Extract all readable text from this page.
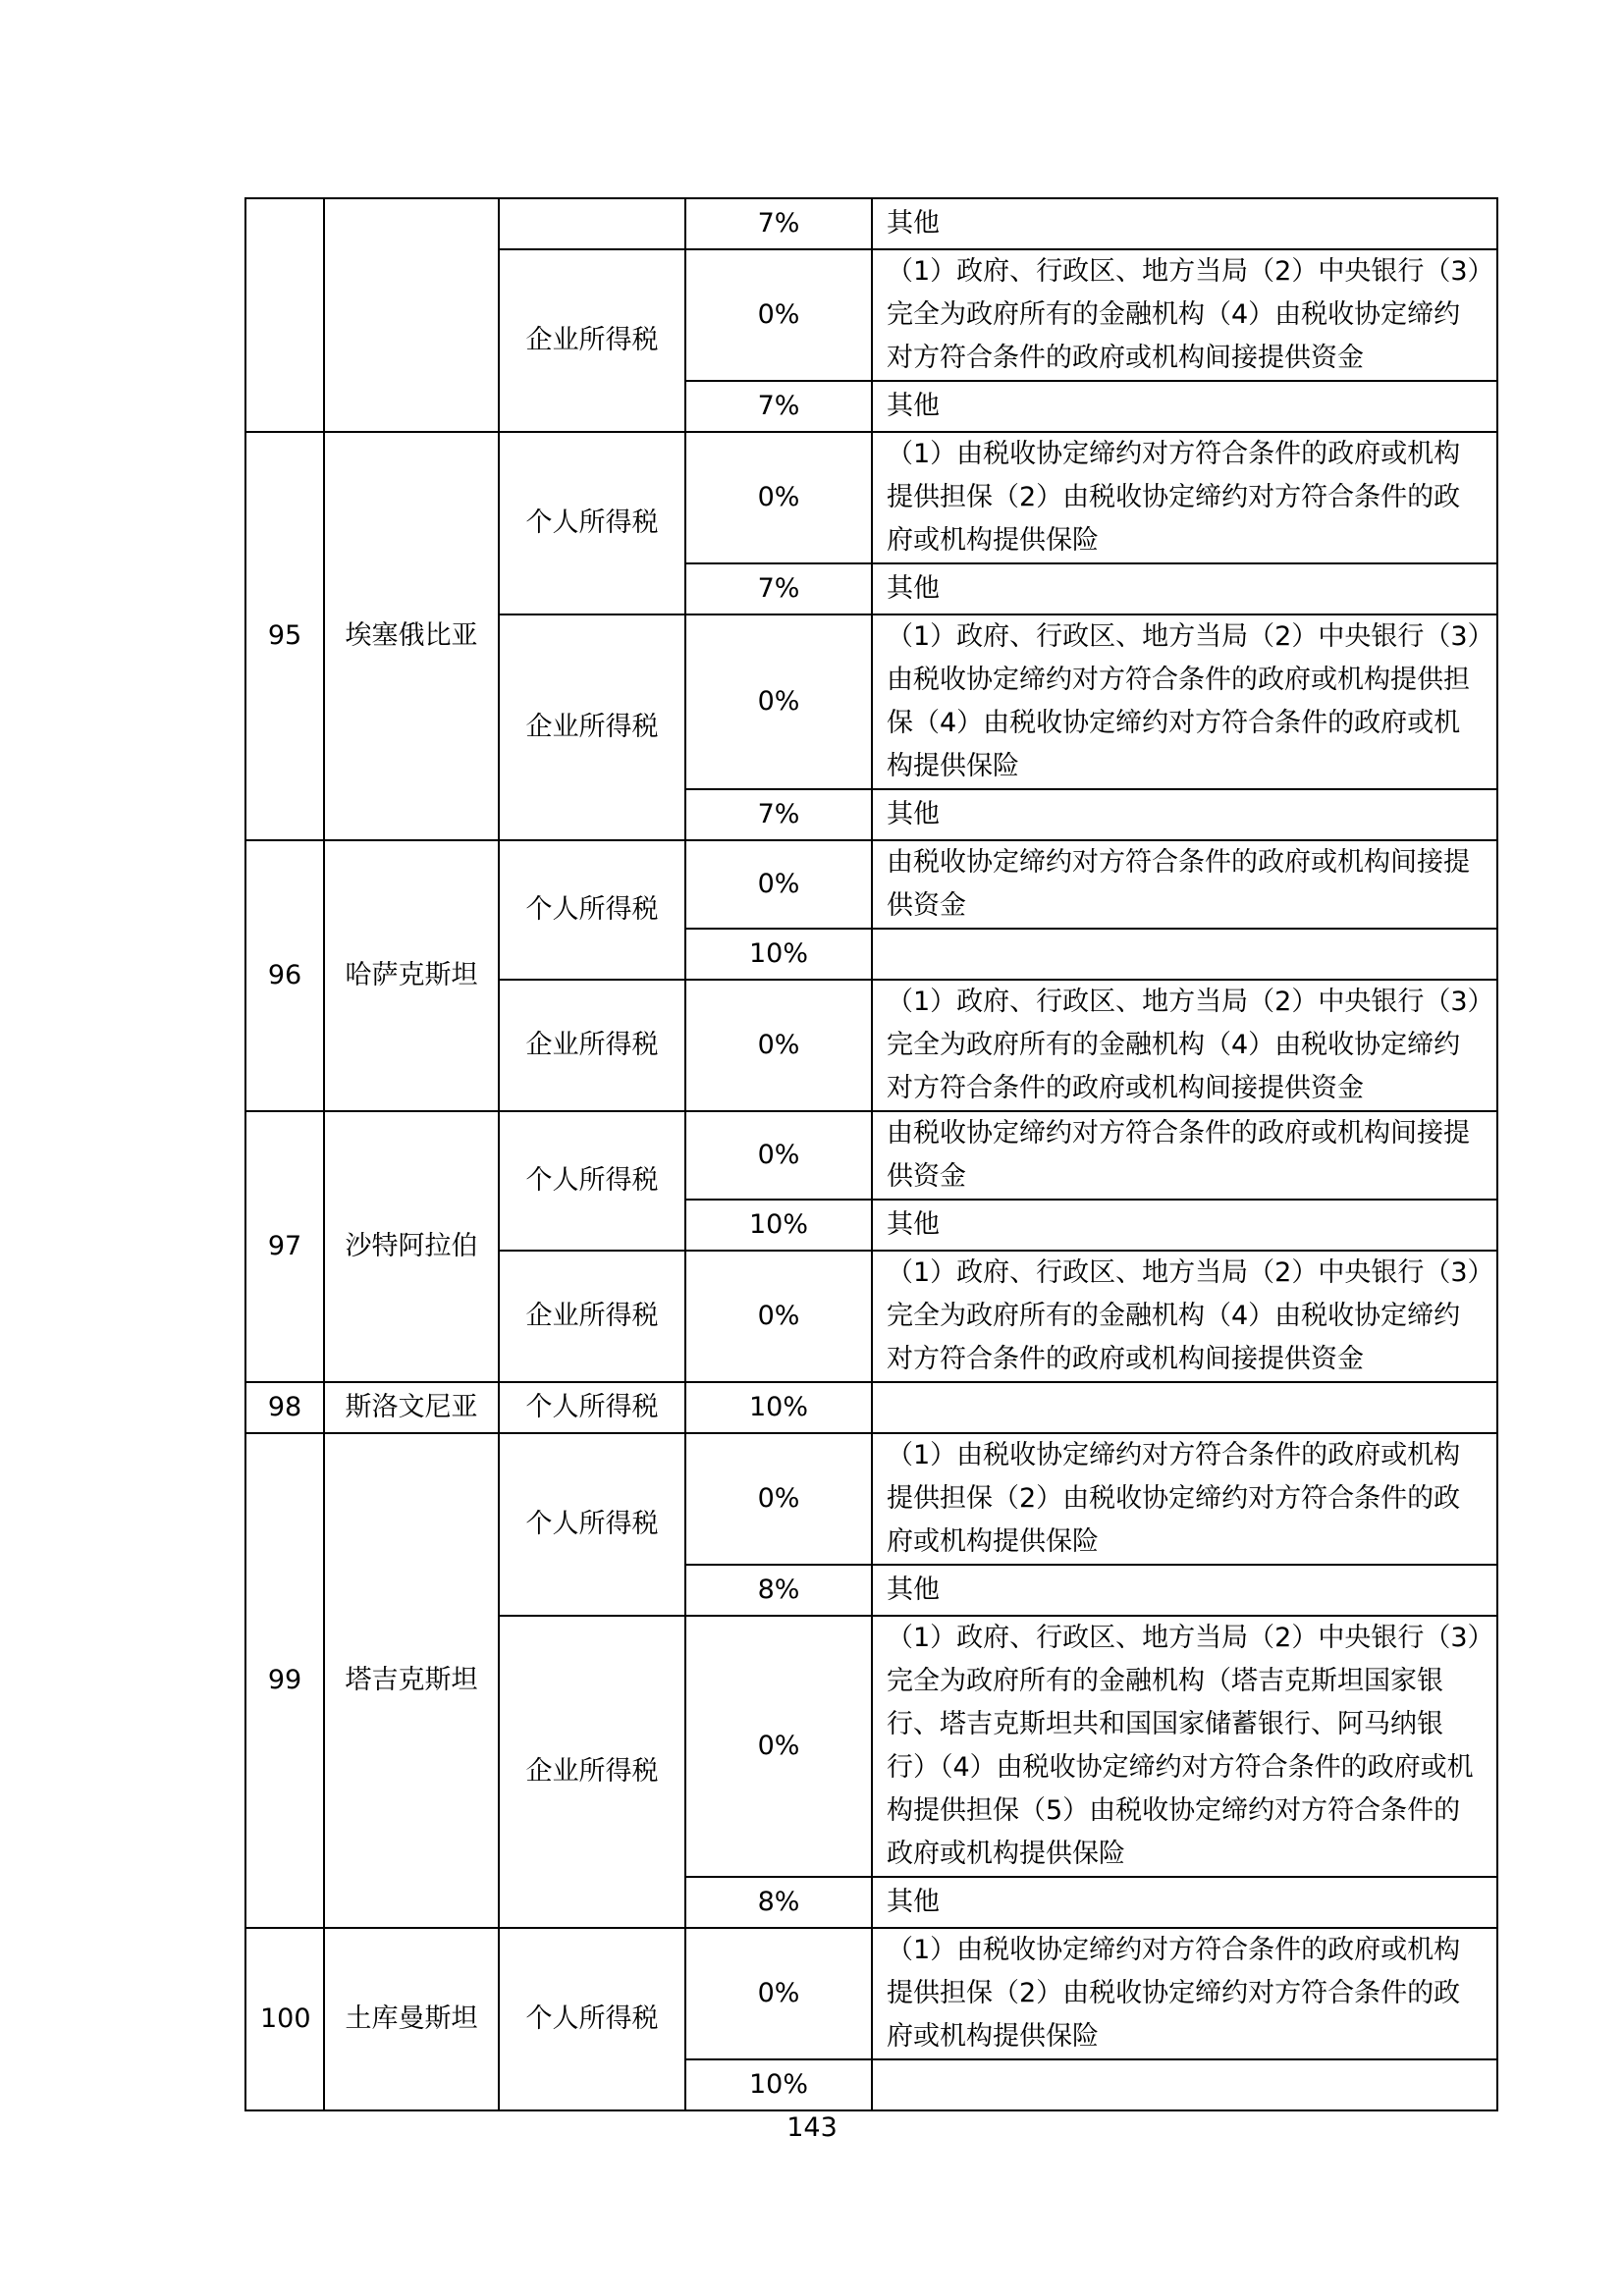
			7%	其他
		企业所得税	0%	（1）政府、行政区、地方当局（2）中央银行（3）完全为政府所有的金融机构（4）由税收协定缔约对方符合条件的政府或机构间接提供资金
			7%	其他
95	埃塞俄比亚	个人所得税	0%	（1）由税收协定缔约对方符合条件的政府或机构提供担保（2）由税收协定缔约对方符合条件的政府或机构提供保险
			7%	其他
		企业所得税	0%	（1）政府、行政区、地方当局（2）中央银行（3）由税收协定缔约对方符合条件的政府或机构提供担保（4）由税收协定缔约对方符合条件的政府或机构提供保险
			7%	其他
96	哈萨克斯坦	个人所得税	0%	由税收协定缔约对方符合条件的政府或机构间接提供资金
			10%	
		企业所得税	0%	（1）政府、行政区、地方当局（2）中央银行（3）完全为政府所有的金融机构（4）由税收协定缔约对方符合条件的政府或机构间接提供资金
97	沙特阿拉伯	个人所得税	0%	由税收协定缔约对方符合条件的政府或机构间接提供资金
			10%	其他
		企业所得税	0%	（1）政府、行政区、地方当局（2）中央银行（3）完全为政府所有的金融机构（4）由税收协定缔约对方符合条件的政府或机构间接提供资金
98	斯洛文尼亚	个人所得税	10%	
99	塔吉克斯坦	个人所得税	0%	（1）由税收协定缔约对方符合条件的政府或机构提供担保（2）由税收协定缔约对方符合条件的政府或机构提供保险
			8%	其他
		企业所得税	0%	（1）政府、行政区、地方当局（2）中央银行（3）完全为政府所有的金融机构（塔吉克斯坦国家银行、塔吉克斯坦共和国国家储蓄银行、阿马纳银行）（4）由税收协定缔约对方符合条件的政府或机构提供担保（5）由税收协定缔约对方符合条件的政府或机构提供保险
			8%	其他
100	土库曼斯坦	个人所得税	0%	（1）由税收协定缔约对方符合条件的政府或机构提供担保（2）由税收协定缔约对方符合条件的政府或机构提供保险
			10%	
143
